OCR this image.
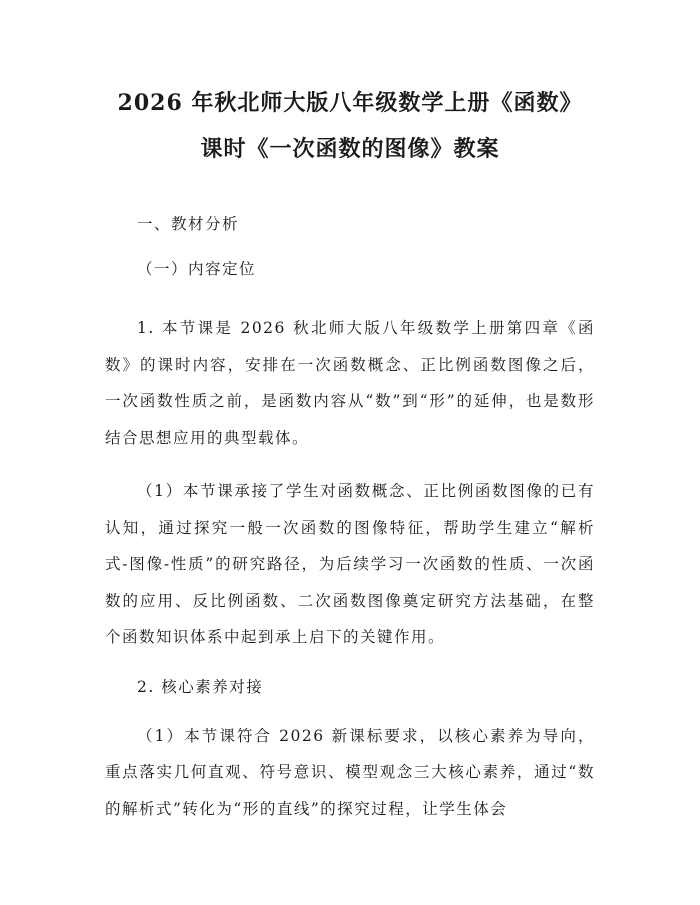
2026 年秋北师大版八年级数学上册《函数》
课时《一次函数的图像》教案

一、教材分析

（一）内容定位

1. 本节课是 2026 秋北师大版八年级数学上册第四章《函数》的课时内容，安排在一次函数概念、正比例函数图像之后，一次函数性质之前，是函数内容从“数”到“形”的延伸，也是数形结合思想应用的典型载体。

（1）本节课承接了学生对函数概念、正比例函数图像的已有认知，通过探究一般一次函数的图像特征，帮助学生建立“解析式-图像-性质”的研究路径，为后续学习一次函数的性质、一次函数的应用、反比例函数、二次函数图像奠定研究方法基础，在整个函数知识体系中起到承上启下的关键作用。

2. 核心素养对接

（1）本节课符合 2026 新课标要求，以核心素养为导向，重点落实几何直观、符号意识、模型观念三大核心素养，通过“数的解析式”转化为“形的直线”的探究过程，让学生体会
